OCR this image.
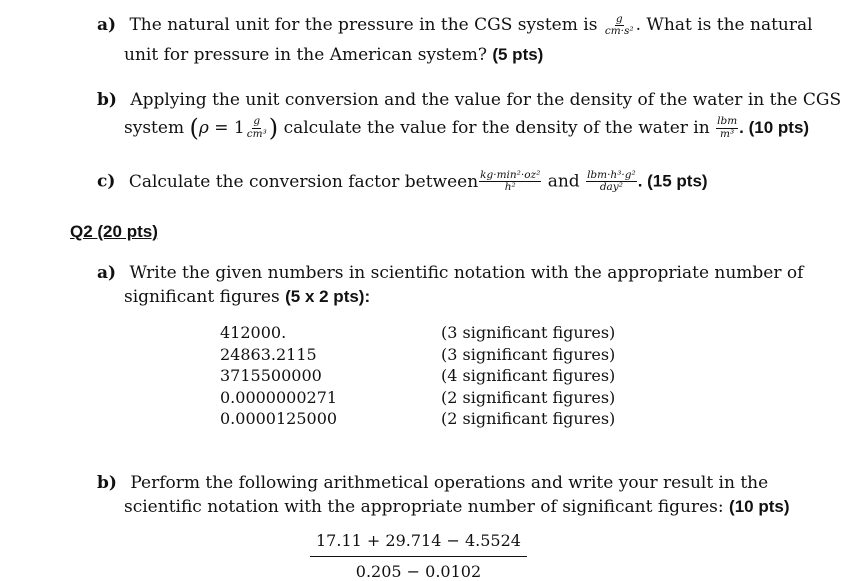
a) The natural unit for the pressure in the CGS system is $\frac{g}{\text{cm·s²}}$ . What is the natural
unit for pressure in the American system? (5 pts)
b) Applying the unit conversion and the value for the density of the water in the CGS
system ($\rho = 1 \frac{g}{\text{cm³}}$ ) calculate the value for the density of the water in $\frac{\text{lbm}}{\text{m³}}$ . (10 pts)
c) Calculate the conversion factor between $\frac{\text{kg·min²·oz²}}{\text{h²}}$ and $\frac{\text{lbm·h³·g²}}{\text{day²}}$ . (15 pts)
Q2 (20 pts)
a) Write the given numbers in scientific notation with the appropriate number of
significant figures (5 x 2 pts):
412000.
24863.2115
3715500000
0.0000000271
0.0000125000
(3 significant figures)
(3 significant figures)
(4 significant figures)
(2 significant figures)
(2 significant figures)
b) Perform the following arithmetical operations and write your result in the
scientific notation with the appropriate number of significant figures: (10 pts)
$\frac{17.11 + 29.714 - 4.5524}{0.205 - 0.0102}$
